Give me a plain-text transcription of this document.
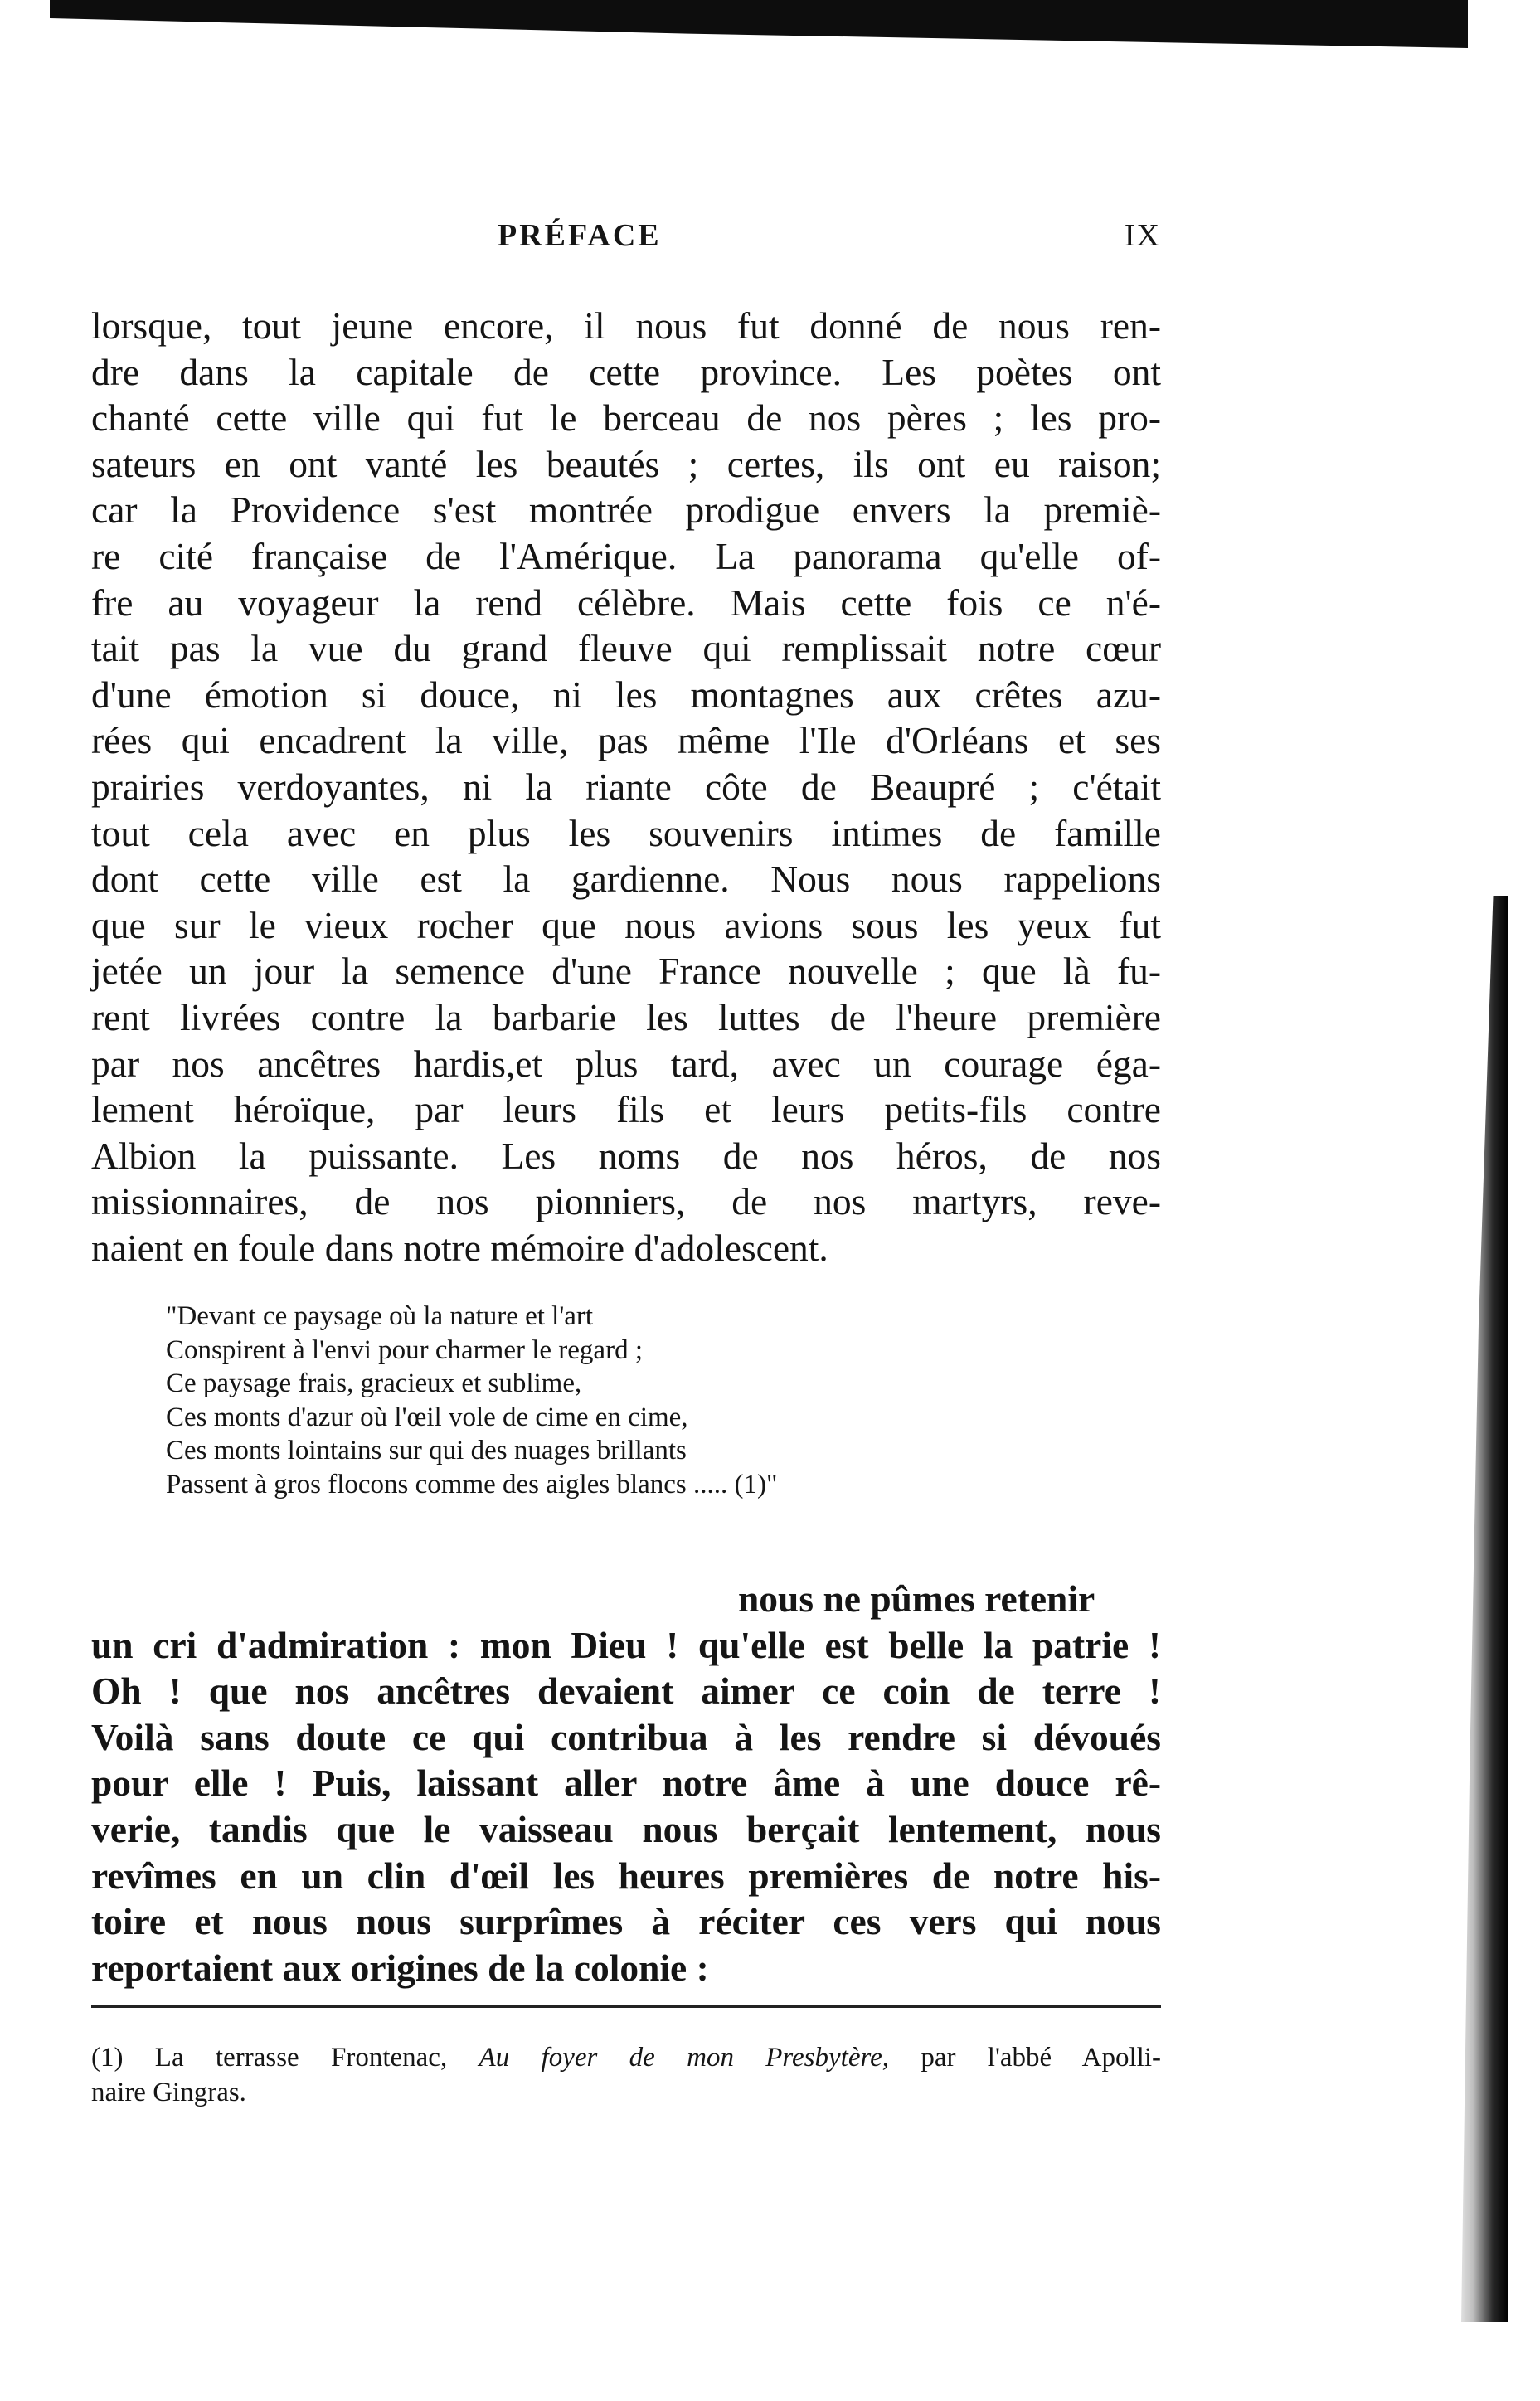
PRÉFACE	IX
lorsque, tout jeune encore, il nous fut donné de nous ren-
dre dans la capitale de cette province. Les poètes ont
chanté cette ville qui fut le berceau de nos pères ; les pro-
sateurs en ont vanté les beautés ; certes, ils ont eu raison;
car la Providence s'est montrée prodigue envers la premiè-
re cité française de l'Amérique. La panorama qu'elle of-
fre au voyageur la rend célèbre. Mais cette fois ce n'é-
tait pas la vue du grand fleuve qui remplissait notre cœur
d'une émotion si douce, ni les montagnes aux crêtes azu-
rées qui encadrent la ville, pas même l'Ile d'Orléans et ses
prairies verdoyantes, ni la riante côte de Beaupré ; c'était
tout cela avec en plus les souvenirs intimes de famille
dont cette ville est la gardienne. Nous nous rappelions
que sur le vieux rocher que nous avions sous les yeux fut
jetée un jour la semence d'une France nouvelle ; que là fu-
rent livrées contre la barbarie les luttes de l'heure première
par nos ancêtres hardis,et plus tard, avec un courage éga-
lement héroïque, par leurs fils et leurs petits-fils contre
Albion la puissante. Les noms de nos héros, de nos
missionnaires, de nos pionniers, de nos martyrs, reve-
naient en foule dans notre mémoire d'adolescent.
"Devant ce paysage où la nature et l'art
Conspirent à l'envi pour charmer le regard ;
Ce paysage frais, gracieux et sublime,
Ces monts d'azur où l'œil vole de cime en cime,
Ces monts lointains sur qui des nuages brillants
Passent à gros flocons comme des aigles blancs ..... (1)"
nous ne pûmes retenir
un cri d'admiration : mon Dieu ! qu'elle est belle la patrie !
Oh ! que nos ancêtres devaient aimer ce coin de terre !
Voilà sans doute ce qui contribua à les rendre si dévoués
pour elle ! Puis, laissant aller notre âme à une douce rê-
verie, tandis que le vaisseau nous berçait lentement, nous
revîmes en un clin d'œil les heures premières de notre his-
toire et nous nous surprîmes à réciter ces vers qui nous
reportaient aux origines de la colonie :
(1) La terrasse Frontenac, Au foyer de mon Presbytère, par l'abbé Apolli-
naire Gingras.
